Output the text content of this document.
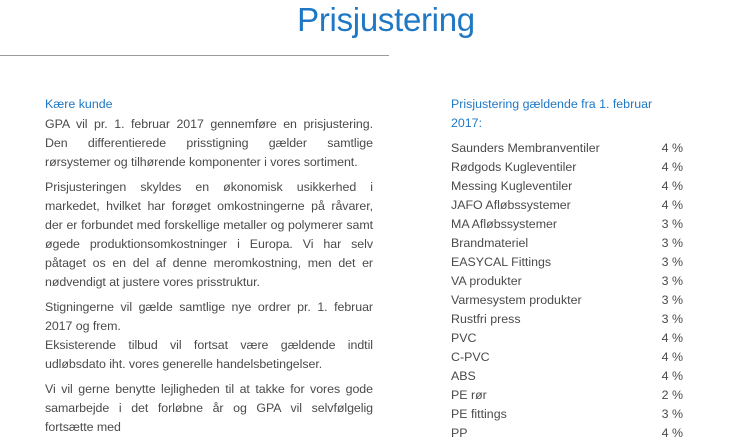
Prisjustering
Kære kunde

GPA vil pr. 1. februar 2017 gennemføre en prisjustering. Den differentierede prisstigning gælder samtlige rørsystemer og tilhørende komponenter i vores sortiment.

Prisjusteringen skyldes en økonomisk usikkerhed i markedet, hvilket har forøget omkostningerne på råvarer, der er forbundet med forskellige metaller og polymerer samt øgede produktionsomkostninger i Europa. Vi har selv påtaget os en del af denne meromkostning, men det er nødvendigt at justere vores prisstruktur.

Stigningerne vil gælde samtlige nye ordrer pr. 1. februar 2017 og frem.

Eksisterende tilbud vil fortsat være gældende indtil udløbsdato iht. vores generelle handelsbetingelser.

Vi vil gerne benytte lejligheden til at takke for vores gode samarbejde i det forløbne år og GPA vil selvfølgelig fortsætte med

Prisjustering gældende fra 1. februar 2017:
Saunders Membranventiler	4 %
Rødgods Kugleventiler	4 %
Messing Kugleventiler	4 %
JAFO Afløbssystemer	4 %
MA Afløbssystemer	3 %
Brandmateriel	3 %
EASYCAL Fittings	3 %
VA produkter	3 %
Varmesystem produkter	3 %
Rustfri press	3 %
PVC	4 %
C-PVC	4 %
ABS	4 %
PE rør	2 %
PE fittings	3 %
PP	4 %
